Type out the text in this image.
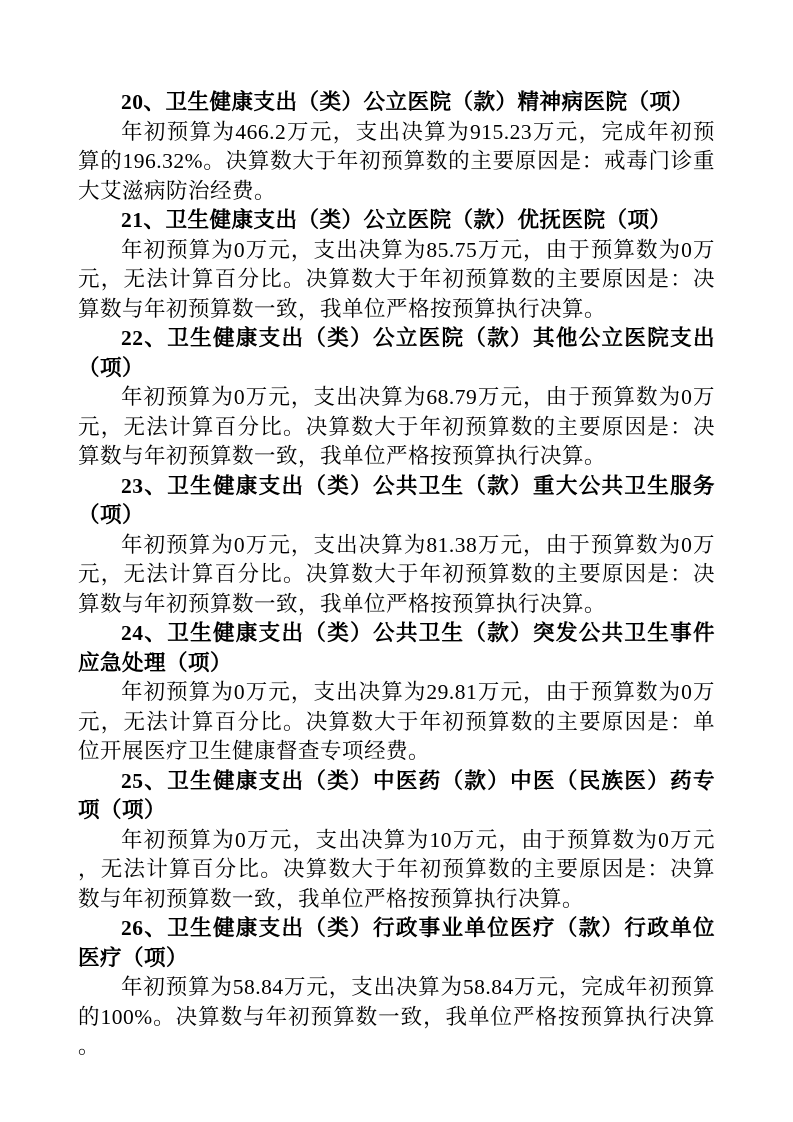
20、卫生健康支出（类）公立医院（款）精神病医院（项）

年初预算为466.2万元，支出决算为915.23万元，完成年初预算的196.32%。决算数大于年初预算数的主要原因是：戒毒门诊重大艾滋病防治经费。

21、卫生健康支出（类）公立医院（款）优抚医院（项）

年初预算为0万元，支出决算为85.75万元，由于预算数为0万元，无法计算百分比。决算数大于年初预算数的主要原因是：决算数与年初预算数一致，我单位严格按预算执行决算。

22、卫生健康支出（类）公立医院（款）其他公立医院支出（项）

年初预算为0万元，支出决算为68.79万元，由于预算数为0万元，无法计算百分比。决算数大于年初预算数的主要原因是：决算数与年初预算数一致，我单位严格按预算执行决算。

23、卫生健康支出（类）公共卫生（款）重大公共卫生服务（项）

年初预算为0万元，支出决算为81.38万元，由于预算数为0万元，无法计算百分比。决算数大于年初预算数的主要原因是：决算数与年初预算数一致，我单位严格按预算执行决算。

24、卫生健康支出（类）公共卫生（款）突发公共卫生事件应急处理（项）

年初预算为0万元，支出决算为29.81万元，由于预算数为0万元，无法计算百分比。决算数大于年初预算数的主要原因是：单位开展医疗卫生健康督查专项经费。

25、卫生健康支出（类）中医药（款）中医（民族医）药专项（项）

年初预算为0万元，支出决算为10万元，由于预算数为0万元，无法计算百分比。决算数大于年初预算数的主要原因是：决算数与年初预算数一致，我单位严格按预算执行决算。

26、卫生健康支出（类）行政事业单位医疗（款）行政单位医疗（项）

年初预算为58.84万元，支出决算为58.84万元，完成年初预算的100%。决算数与年初预算数一致，我单位严格按预算执行决算。
